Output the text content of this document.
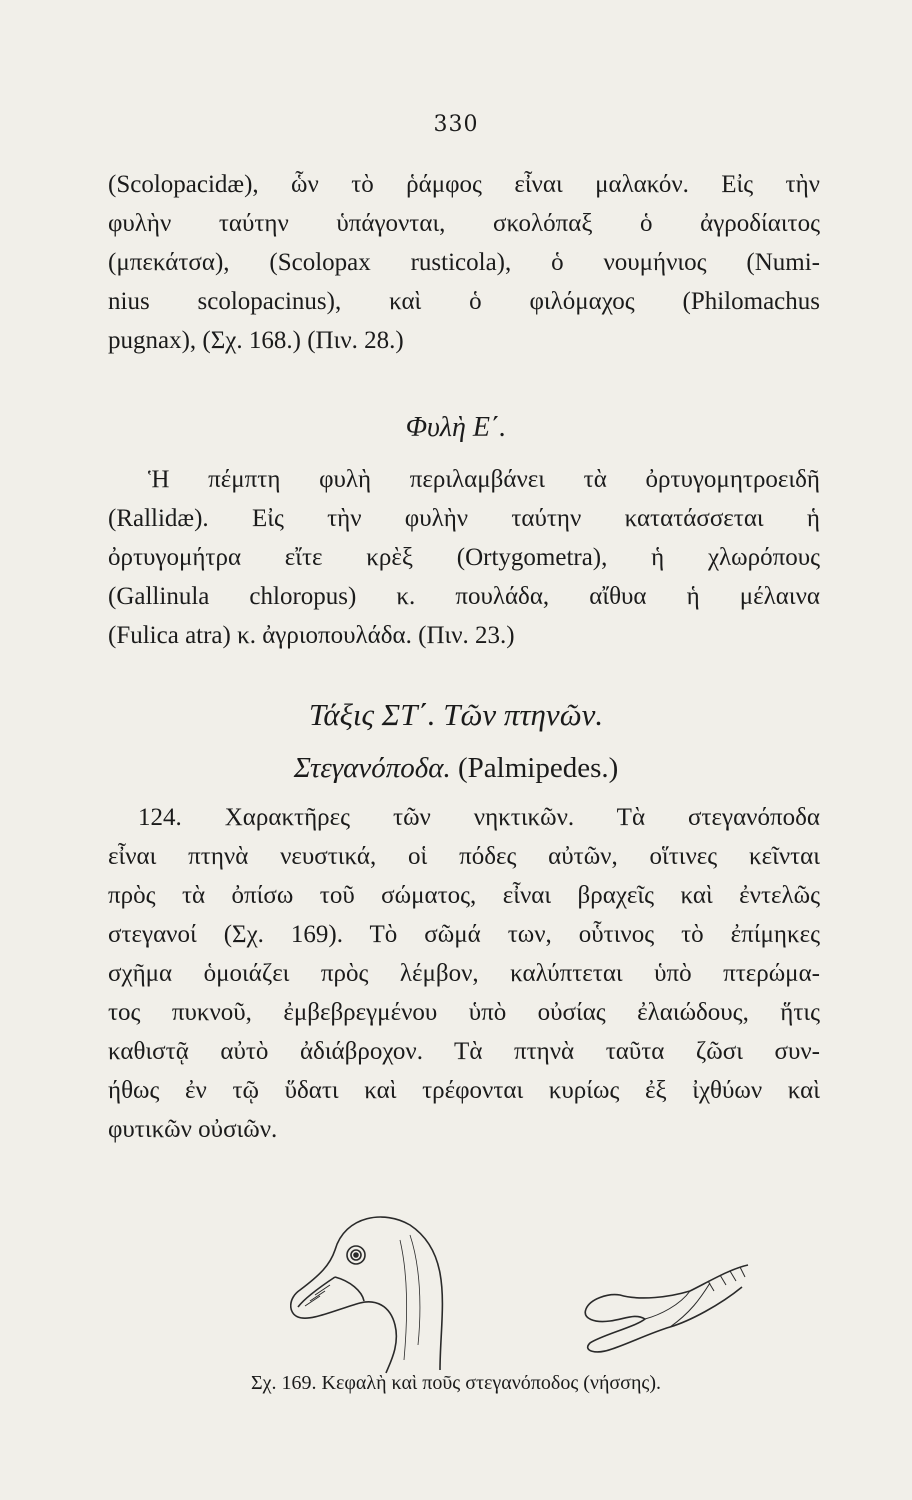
330
(Scolopacidæ), ὧν τὸ ῥάμφος εἶναι μαλακόν. Εἰς τὴν
φυλὴν ταύτην ὑπάγονται, σκολόπαξ ὁ ἀγροδίαιτος
(μπεκάτσα), (Scolopax rusticola), ὁ νουμήνιος (Numi-
nius scolopacinus), καὶ ὁ φιλόμαχος (Philomachus
pugnax), (Σχ. 168.) (Πιν. 28.)
Φυλὴ Ε΄.
Ἡ πέμπτη φυλὴ περιλαμβάνει τὰ ὀρτυγομητροειδῆ
(Rallidæ). Εἰς τὴν φυλὴν ταύτην κατατάσσεται ἡ
ὀρτυγομήτρα εἴτε κρὲξ (Ortygometra), ἡ χλωρόπους
(Gallinula chloropus) κ. πουλάδα, αἴθυα ἡ μέλαινα
(Fulica atra) κ. ἀγριοπουλάδα. (Πιν. 23.)
Τάξις ΣΤ΄. Τῶν πτηνῶν.
Στεγανόποδα. (Palmipedes.)
124. Χαρακτῆρες τῶν νηκτικῶν. Τὰ στεγανόποδα
εἶναι πτηνὰ νευστικά, οἱ πόδες αὐτῶν, οἵτινες κεῖνται
πρὸς τὰ ὀπίσω τοῦ σώματος, εἶναι βραχεῖς καὶ ἐντελῶς
στεγανοί (Σχ. 169). Τὸ σῶμά των, οὗτινος τὸ ἐπίμηκες
σχῆμα ὁμοιάζει πρὸς λέμβον, καλύπτεται ὑπὸ πτερώμα-
τος πυκνοῦ, ἐμβεβρεγμένου ὑπὸ οὐσίας ἐλαιώδους, ἥτις
καθιστᾷ αὐτὸ ἀδιάβροχον. Τὰ πτηνὰ ταῦτα ζῶσι συν-
ήθως ἐν τῷ ὕδατι καὶ τρέφονται κυρίως ἐξ ἰχθύων καὶ
φυτικῶν οὐσιῶν.
Σχ. 169. Κεφαλὴ καὶ ποῦς στεγανόποδος (νήσσης).
